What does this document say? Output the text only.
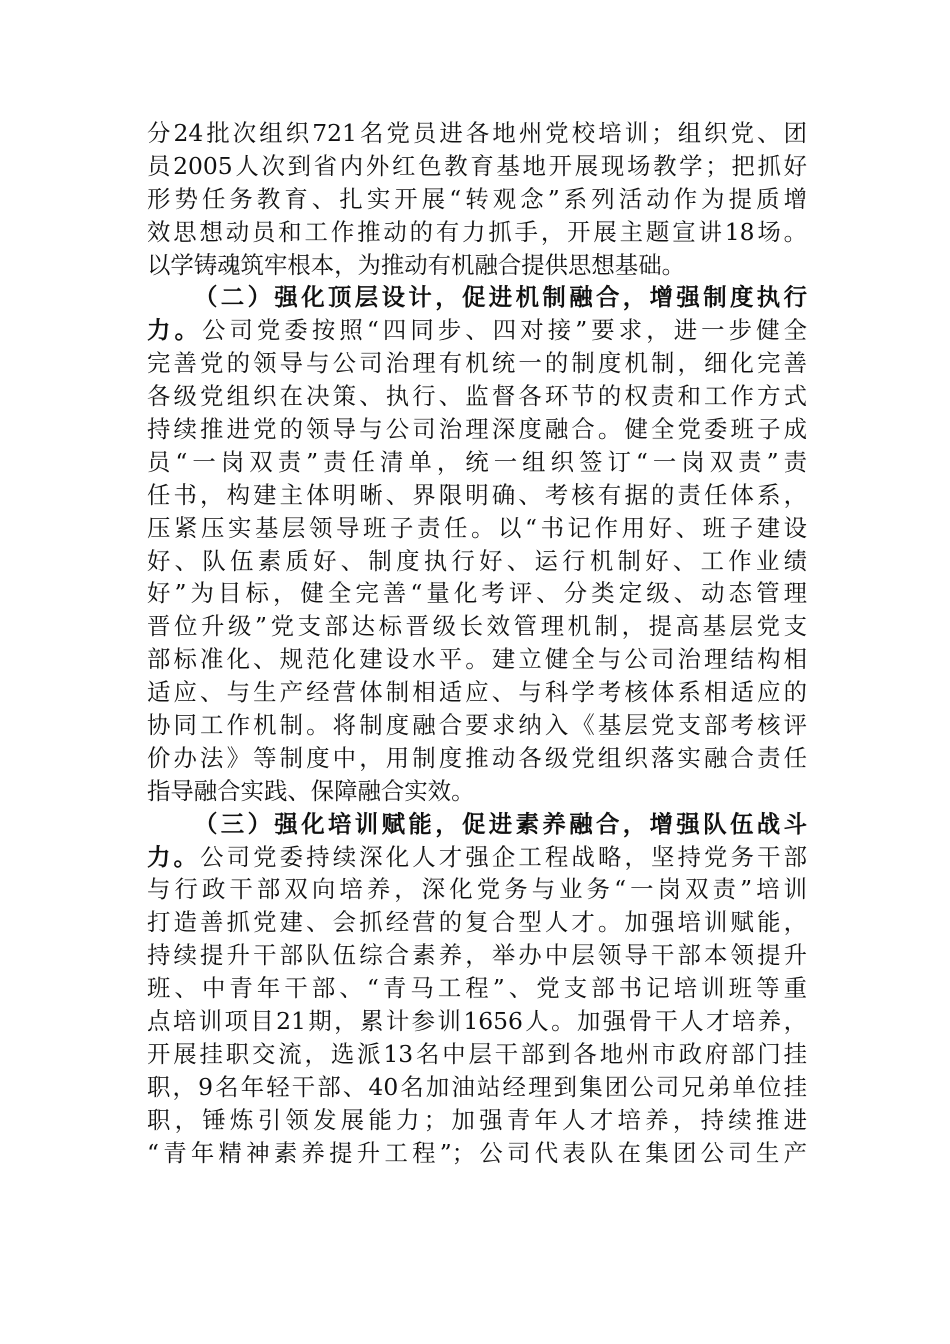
分24批次组织721名党员进各地州党校培训；组织党、团
员2005人次到省内外红色教育基地开展现场教学；把抓好
形势任务教育、扎实开展“转观念”系列活动作为提质增
效思想动员和工作推动的有力抓手，开展主题宣讲18场。
以学铸魂筑牢根本，为推动有机融合提供思想基础。
（二）强化顶层设计，促进机制融合，增强制度执行
力。公司党委按照“四同步、四对接”要求，进一步健全
完善党的领导与公司治理有机统一的制度机制，细化完善
各级党组织在决策、执行、监督各环节的权责和工作方式
持续推进党的领导与公司治理深度融合。健全党委班子成
员“一岗双责”责任清单，统一组织签订“一岗双责”责
任书，构建主体明晰、界限明确、考核有据的责任体系，
压紧压实基层领导班子责任。以“书记作用好、班子建设
好、队伍素质好、制度执行好、运行机制好、工作业绩
好”为目标，健全完善“量化考评、分类定级、动态管理
晋位升级”党支部达标晋级长效管理机制，提高基层党支
部标准化、规范化建设水平。建立健全与公司治理结构相
适应、与生产经营体制相适应、与科学考核体系相适应的
协同工作机制。将制度融合要求纳入《基层党支部考核评
价办法》等制度中，用制度推动各级党组织落实融合责任
指导融合实践、保障融合实效。
（三）强化培训赋能，促进素养融合，增强队伍战斗
力。公司党委持续深化人才强企工程战略，坚持党务干部
与行政干部双向培养，深化党务与业务“一岗双责”培训
打造善抓党建、会抓经营的复合型人才。加强培训赋能，
持续提升干部队伍综合素养，举办中层领导干部本领提升
班、中青年干部、“青马工程”、党支部书记培训班等重
点培训项目21期，累计参训1656人。加强骨干人才培养，
开展挂职交流，选派13名中层干部到各地州市政府部门挂
职，9名年轻干部、40名加油站经理到集团公司兄弟单位挂
职，锤炼引领发展能力；加强青年人才培养，持续推进
“青年精神素养提升工程”；公司代表队在集团公司生产
